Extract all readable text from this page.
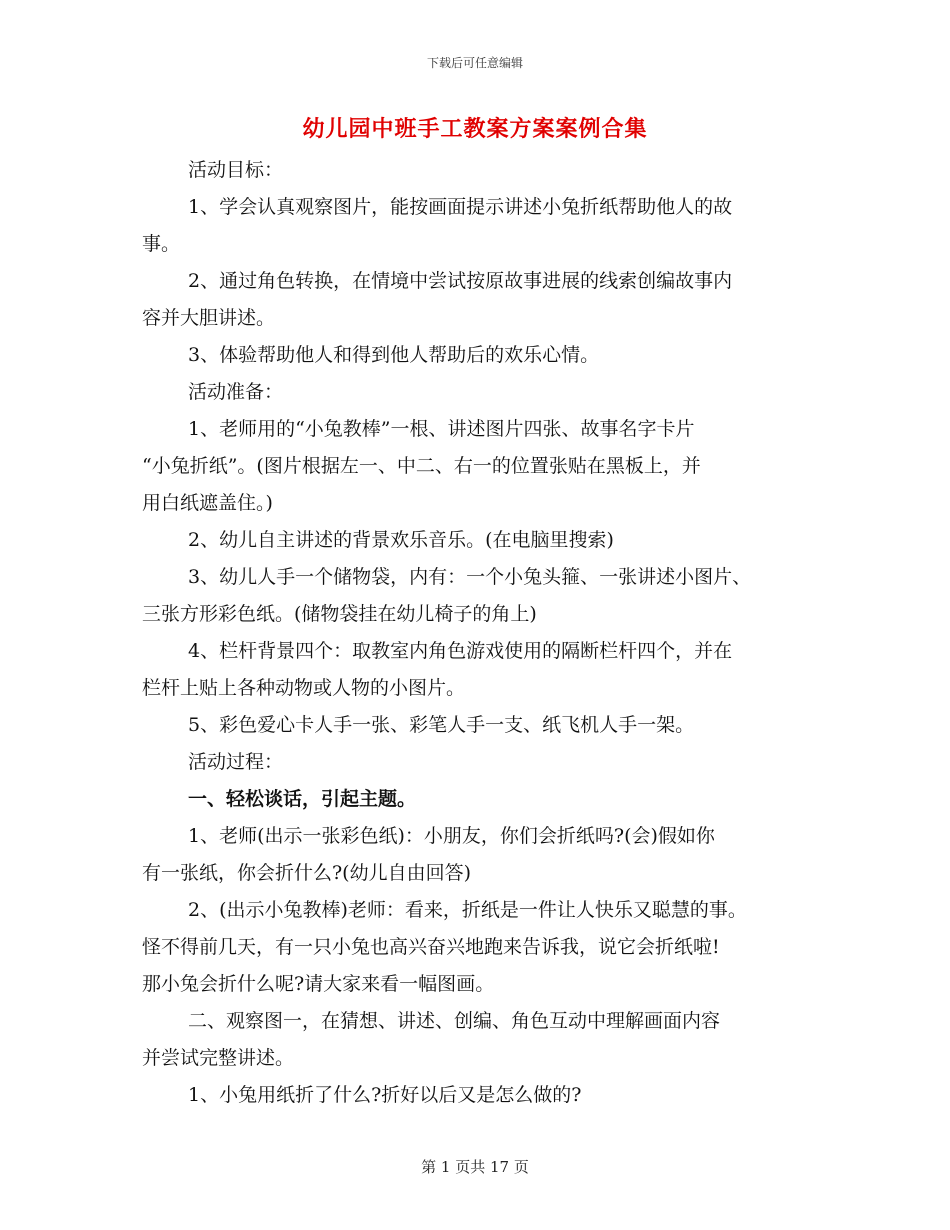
下载后可任意编辑
幼儿园中班手工教案方案案例合集

活动目标：

1、学会认真观察图片，能按画面提示讲述小兔折纸帮助他人的故

事。

2、通过角色转换，在情境中尝试按原故事进展的线索创编故事内

容并大胆讲述。

3、体验帮助他人和得到他人帮助后的欢乐心情。

活动准备：

1、老师用的“小兔教棒”一根、讲述图片四张、故事名字卡片

“小兔折纸”。(图片根据左一、中二、右一的位置张贴在黑板上，并

用白纸遮盖住。)

2、幼儿自主讲述的背景欢乐音乐。(在电脑里搜索)

3、幼儿人手一个储物袋，内有：一个小兔头箍、一张讲述小图片、

三张方形彩色纸。(储物袋挂在幼儿椅子的角上)

4、栏杆背景四个：取教室内角色游戏使用的隔断栏杆四个，并在

栏杆上贴上各种动物或人物的小图片。

5、彩色爱心卡人手一张、彩笔人手一支、纸飞机人手一架。

活动过程：

一、轻松谈话，引起主题。

1、老师(出示一张彩色纸)：小朋友，你们会折纸吗?(会)假如你

有一张纸，你会折什么?(幼儿自由回答)

2、(出示小兔教棒)老师：看来，折纸是一件让人快乐又聪慧的事。

怪不得前几天，有一只小兔也高兴奋兴地跑来告诉我，说它会折纸啦!

那小兔会折什么呢?请大家来看一幅图画。

二、观察图一，在猜想、讲述、创编、角色互动中理解画面内容

并尝试完整讲述。

1、小兔用纸折了什么?折好以后又是怎么做的?

第 1 页共 17 页
